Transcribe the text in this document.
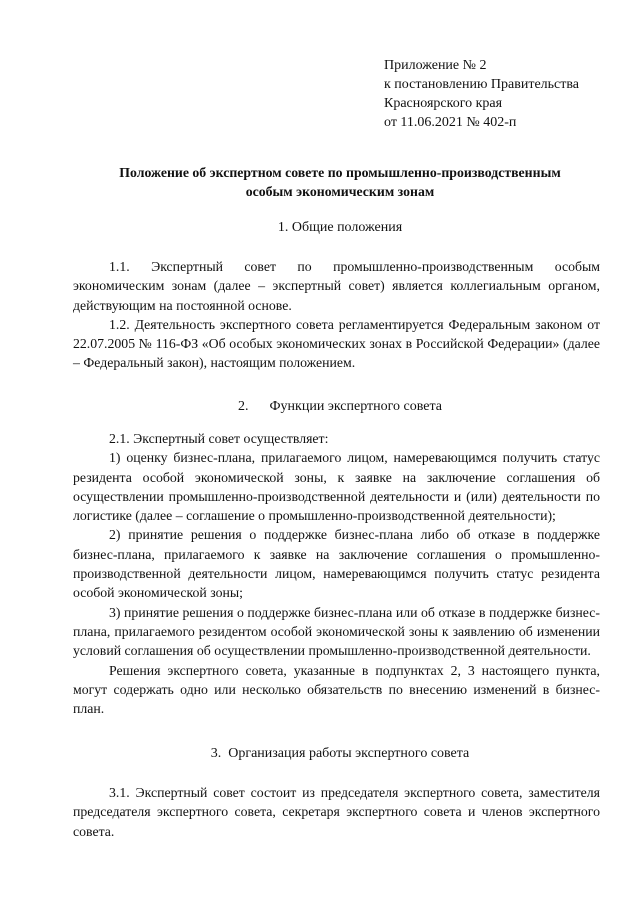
Приложение № 2
к постановлению Правительства
Красноярского края
от 11.06.2021 № 402-п
Положение об экспертном совете по промышленно-производственным
особым экономическим зонам
1. Общие положения

1.1. Экспертный совет по промышленно-производственным особым экономическим зонам (далее – экспертный совет) является коллегиальным органом, действующим на постоянной основе.

1.2. Деятельность экспертного совета регламентируется Федеральным законом от 22.07.2005 № 116-ФЗ «Об особых экономических зонах в Российской Федерации» (далее – Федеральный закон), настоящим положением.

2.      Функции экспертного совета

2.1. Экспертный совет осуществляет:

1) оценку бизнес-плана, прилагаемого лицом, намеревающимся получить статус резидента особой экономической зоны, к заявке на заключение соглашения об осуществлении промышленно-производственной деятельности и (или) деятельности по логистике (далее – соглашение о промышленно-производственной деятельности);

2) принятие решения о поддержке бизнес-плана либо об отказе в поддержке бизнес-плана, прилагаемого к заявке на заключение соглашения о промышленно-производственной деятельности лицом, намеревающимся получить статус резидента особой экономической зоны;

3) принятие решения о поддержке бизнес-плана или об отказе в поддержке бизнес-плана, прилагаемого резидентом особой экономической зоны к заявлению об изменении условий соглашения об осуществлении промышленно-производственной деятельности.

Решения экспертного совета, указанные в подпунктах 2, 3 настоящего пункта, могут содержать одно или несколько обязательств по внесению изменений в бизнес-план.

3.  Организация работы экспертного совета

3.1. Экспертный совет состоит из председателя экспертного совета, заместителя председателя экспертного совета, секретаря экспертного совета и членов экспертного совета.
